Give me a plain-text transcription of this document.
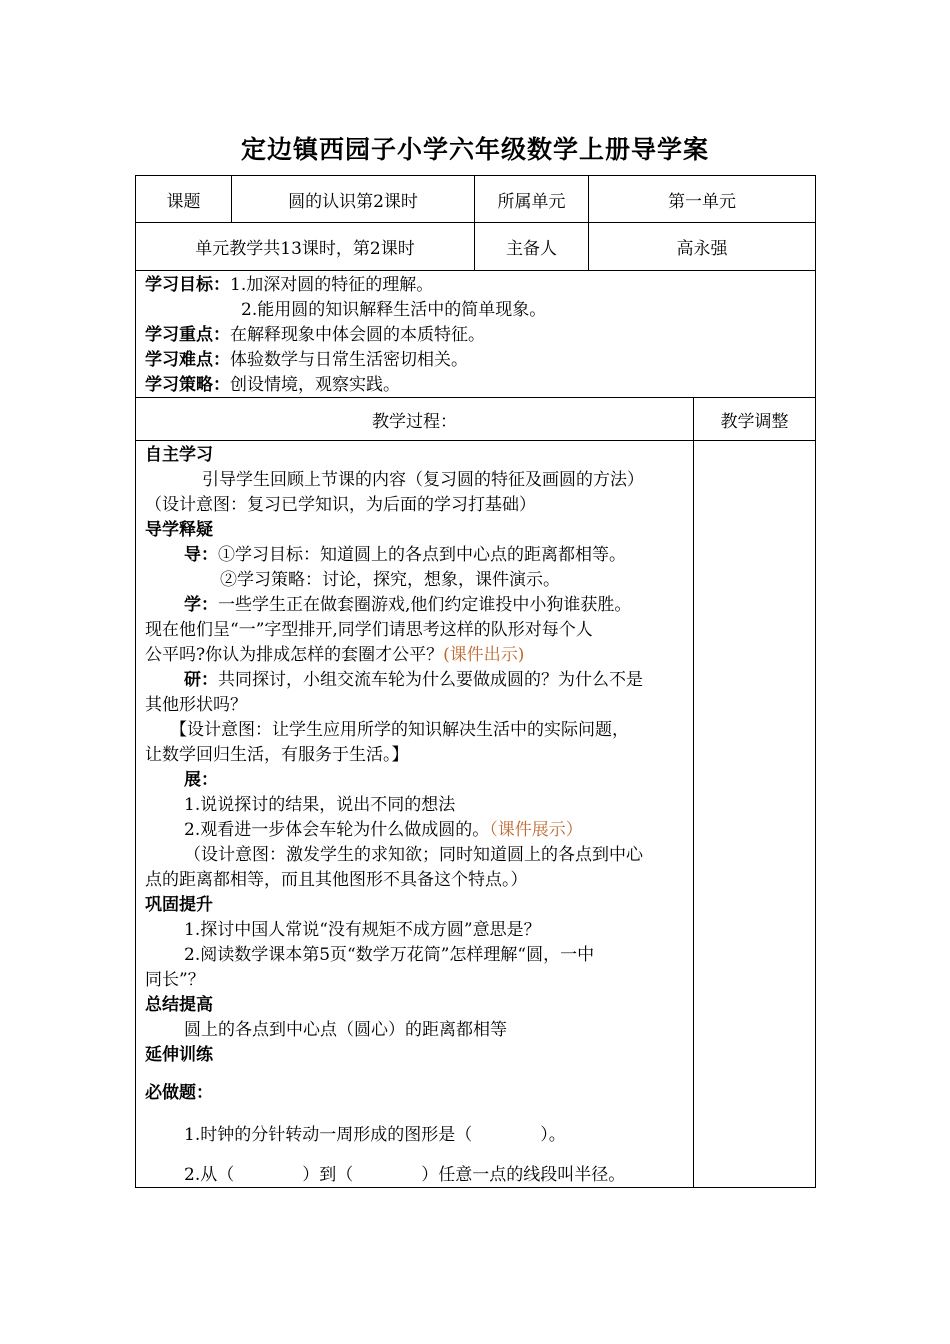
定边镇西园子小学六年级数学上册导学案
课题	圆的认识第2课时	所属单元	第一单元
单元教学共13课时，第2课时	主备人	高永强
学习目标：1.加深对圆的特征的理解。
2.能用圆的知识解释生活中的简单现象。
学习重点：在解释现象中体会圆的本质特征。
学习难点：体验数学与日常生活密切相关。
学习策略：创设情境，观察实践。
教学过程：	教学调整
自主学习
引导学生回顾上节课的内容（复习圆的特征及画圆的方法）
（设计意图：复习已学知识，为后面的学习打基础）
导学释疑
导：①学习目标：知道圆上的各点到中心点的距离都相等。
②学习策略：讨论，探究，想象，课件演示。
学：一些学生正在做套圈游戏,他们约定谁投中小狗谁获胜。
现在他们呈“一”字型排开,同学们请思考这样的队形对每个人
公平吗?你认为排成怎样的套圈才公平？(课件出示)
研：共同探讨，小组交流车轮为什么要做成圆的？为什么不是
其他形状吗？
【设计意图：让学生应用所学的知识解决生活中的实际问题，
让数学回归生活，有服务于生活。】
展：
1.说说探讨的结果，说出不同的想法
2.观看进一步体会车轮为什么做成圆的。（课件展示）
（设计意图：激发学生的求知欲；同时知道圆上的各点到中心
点的距离都相等，而且其他图形不具备这个特点。）
巩固提升
1.探讨中国人常说“没有规矩不成方圆”意思是？
2.阅读数学课本第5页“数学万花筒”怎样理解“圆，一中
同长”？
总结提高
圆上的各点到中心点（圆心）的距离都相等
延伸训练
必做题：
1.时钟的分针转动一周形成的图形是（　　　　）。
2.从（　　　　）到（　　　　）任意一点的线段叫半径。
